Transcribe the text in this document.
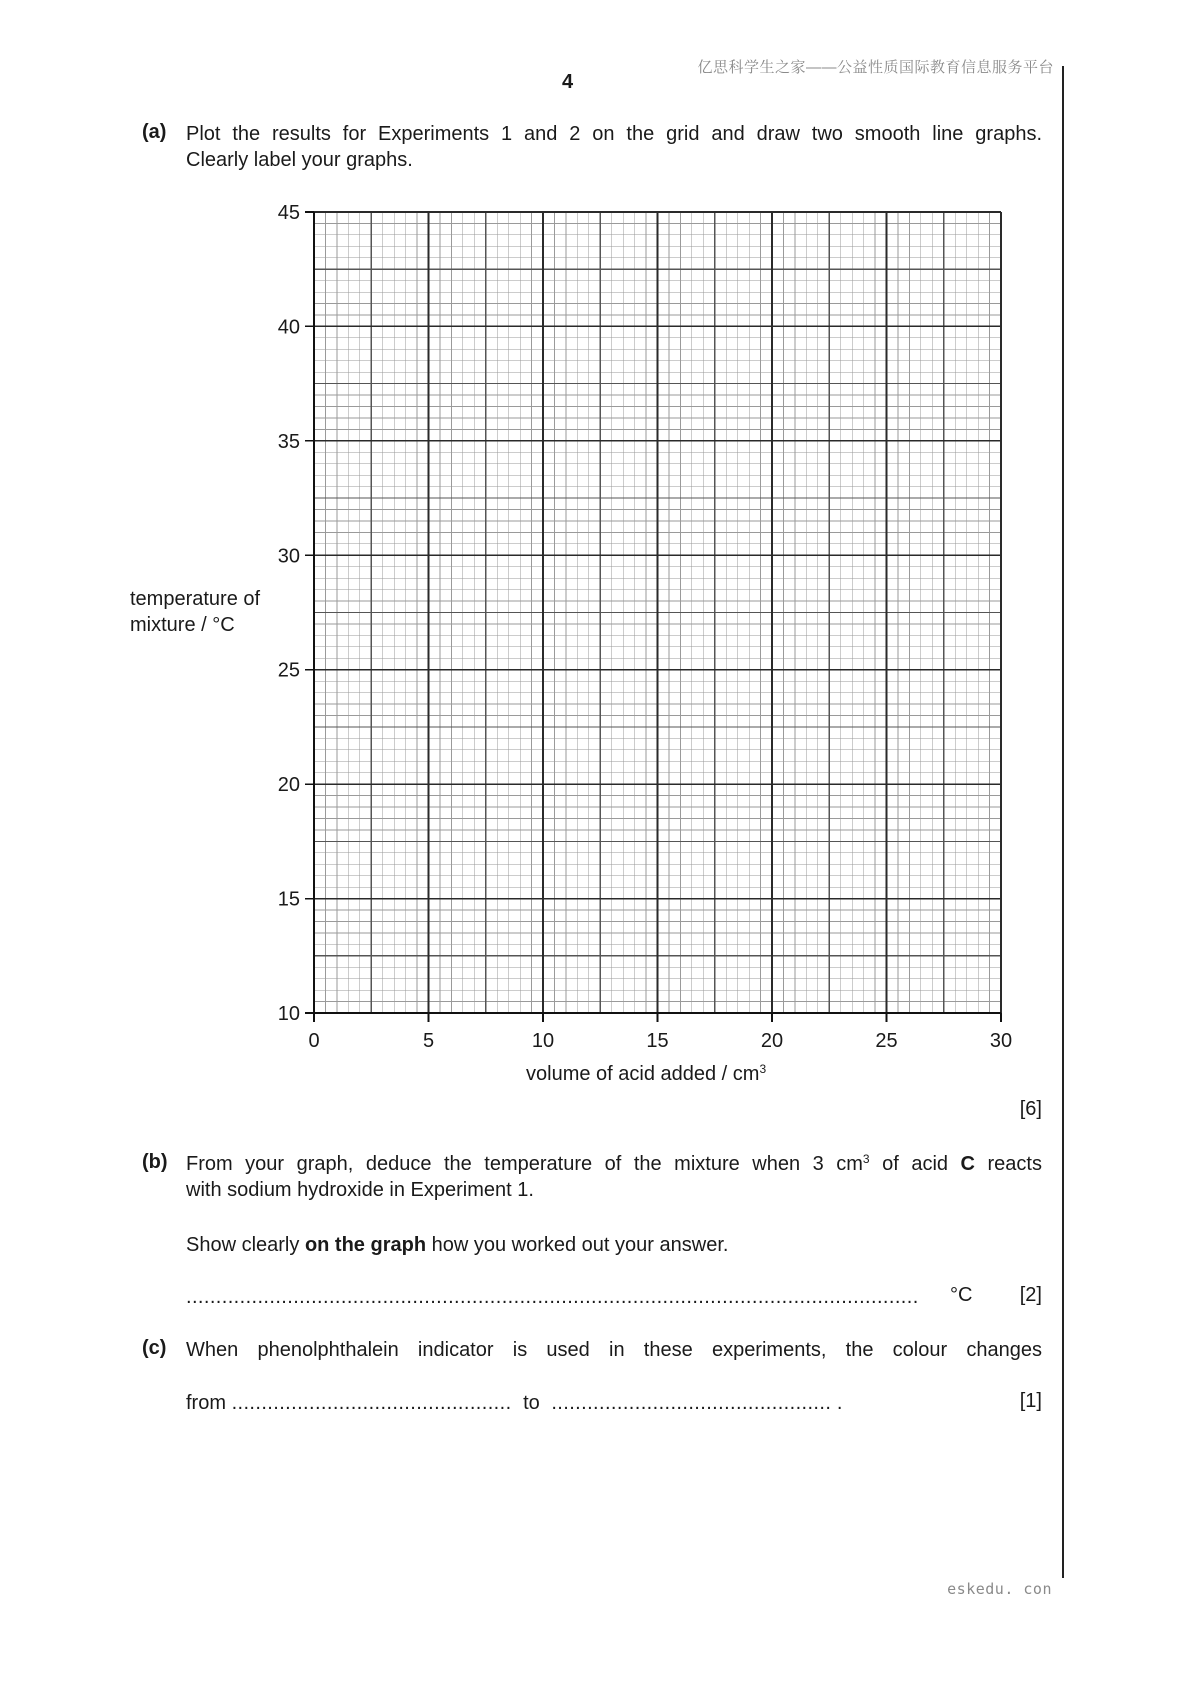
亿思科学生之家——公益性质国际教育信息服务平台
4
(a) Plot the results for Experiments 1 and 2 on the grid and draw two smooth line graphs.
Clearly label your graphs.
temperature of
mixture / °C
0	5	10	15	20	25	30
10
15
20
25
30
35
40
45
volume of acid added / $cm^3$
[6]
(b) From your graph, deduce the temperature of the mixture when 3 $cm^3$ of acid C reacts
with sodium hydroxide in Experiment 1.
Show clearly on the graph how you worked out your answer.
...........................................................................................................................	°C [2]
(c) When phenolphthalein indicator is used in these experiments, the colour changes
from ............................................... to ............................................... .	[1]
eskedu. con
